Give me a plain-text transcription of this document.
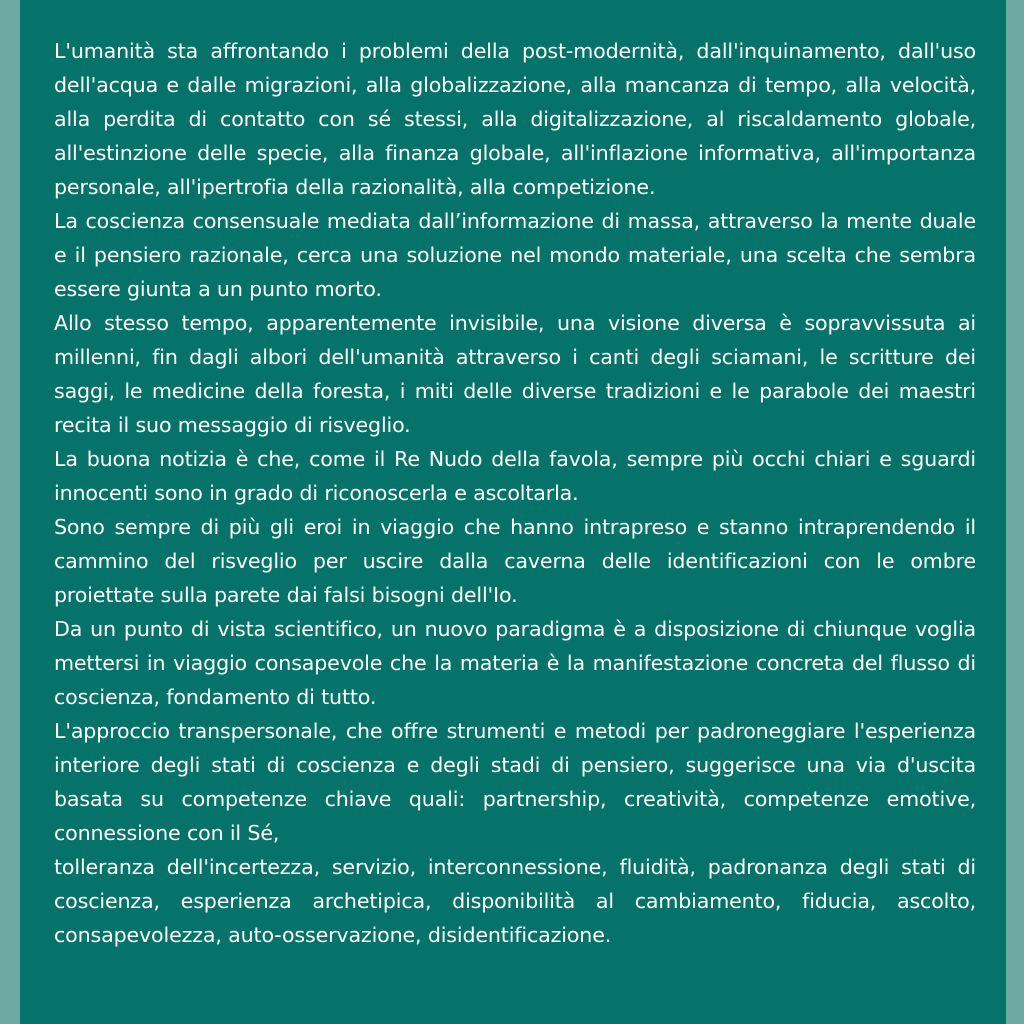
L'umanità sta affrontando i problemi della post-modernità, dall'inquinamento, dall'uso dell'acqua e dalle migrazioni, alla globalizzazione, alla mancanza di tempo, alla velocità, alla perdita di contatto con sé stessi, alla digitalizzazione, al riscaldamento globale, all'estinzione delle specie, alla finanza globale, all'inflazione informativa, all'importanza personale, all'ipertrofia della razionalità, alla competizione.

La coscienza consensuale mediata dall’informazione di massa, attraverso la mente duale e il pensiero razionale, cerca una soluzione nel mondo materiale, una scelta che sembra essere giunta a un punto morto.

Allo stesso tempo, apparentemente invisibile, una visione diversa è sopravvissuta ai millenni, fin dagli albori dell'umanità attraverso i canti degli sciamani, le scritture dei saggi, le medicine della foresta, i miti delle diverse tradizioni e le parabole dei maestri recita il suo messaggio di risveglio.

La buona notizia è che, come il Re Nudo della favola, sempre più occhi chiari e sguardi innocenti sono in grado di riconoscerla e ascoltarla.

Sono sempre di più gli eroi in viaggio che hanno intrapreso e stanno intraprendendo il cammino del risveglio per uscire dalla caverna delle identificazioni con le ombre proiettate sulla parete dai falsi bisogni dell'Io.

Da un punto di vista scientifico, un nuovo paradigma è a disposizione di chiunque voglia mettersi in viaggio consapevole che la materia è la manifestazione concreta del flusso di coscienza, fondamento di tutto.

L'approccio transpersonale, che offre strumenti e metodi per padroneggiare l'esperienza interiore degli stati di coscienza e degli stadi di pensiero, suggerisce una via d'uscita basata su competenze chiave quali: partnership, creatività, competenze emotive, connessione con il Sé,

tolleranza dell'incertezza, servizio, interconnessione, fluidità, padronanza degli stati di coscienza, esperienza archetipica, disponibilità al cambiamento, fiducia, ascolto, consapevolezza, auto-osservazione, disidentificazione.
